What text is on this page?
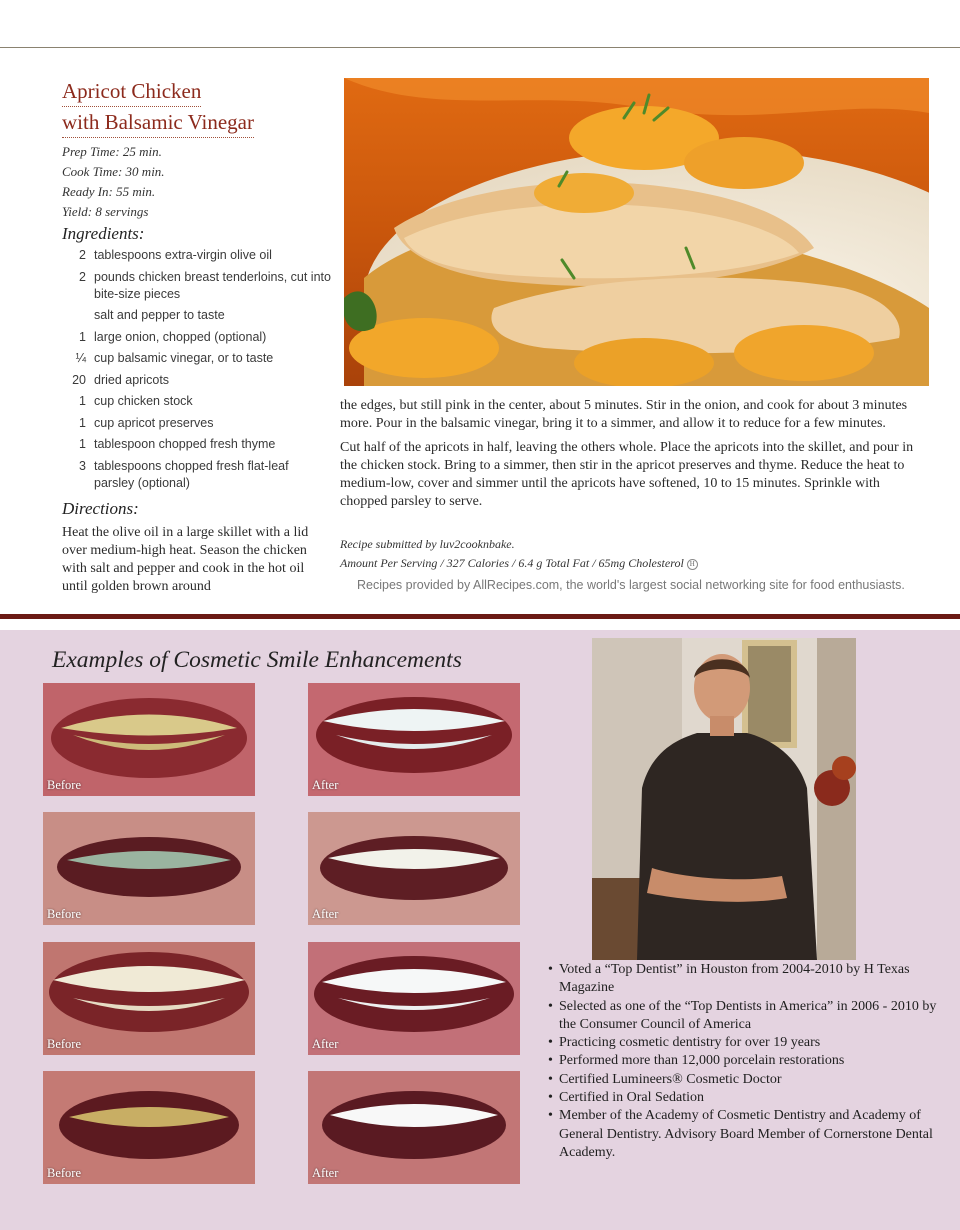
Apricot Chicken
with Balsamic Vinegar
Prep Time: 25 min.
Cook Time: 30 min.
Ready In: 55 min.
Yield: 8 servings
Ingredients:
2 tablespoons extra-virgin olive oil
2 pounds chicken breast tenderloins, cut into bite-size pieces
salt and pepper to taste
1 large onion, chopped (optional)
¼ cup balsamic vinegar, or to taste
20 dried apricots
1 cup chicken stock
1 cup apricot preserves
1 tablespoon chopped fresh thyme
3 tablespoons chopped fresh flat-leaf parsley (optional)
Directions:
Heat the olive oil in a large skillet with a lid over medium-high heat. Season the chicken with salt and pepper and cook in the hot oil until golden brown around

the edges, but still pink in the center, about 5 minutes. Stir in the onion, and cook for about 3 minutes more. Pour in the balsamic vinegar, bring it to a simmer, and allow it to reduce for a few minutes.

Cut half of the apricots in half, leaving the others whole. Place the apricots into the skillet, and pour in the chicken stock. Bring to a simmer, then stir in the apricot preserves and thyme. Reduce the heat to medium-low, cover and simmer until the apricots have softened, 10 to 15 minutes. Sprinkle with chopped parsley to serve.

Recipe submitted by luv2cooknbake.
Amount Per Serving / 327 Calories / 6.4 g Total Fat / 65mg Cholesterol H
Recipes provided by AllRecipes.com, the world's largest social networking site for food enthusiasts.
Examples of Cosmetic Smile Enhancements
Before	After
Before	After
Before	After
Before	After
• Voted a “Top Dentist” in Houston from 2004-2010 by H Texas Magazine
• Selected as one of the “Top Dentists in America” in 2006 - 2010 by the Consumer Council of America
• Practicing cosmetic dentistry for over 19 years
• Performed more than 12,000 porcelain restorations
• Certified Lumineers® Cosmetic Doctor
• Certified in Oral Sedation
• Member of the Academy of Cosmetic Dentistry and Academy of General Dentistry. Advisory Board Member of Cornerstone Dental Academy.
